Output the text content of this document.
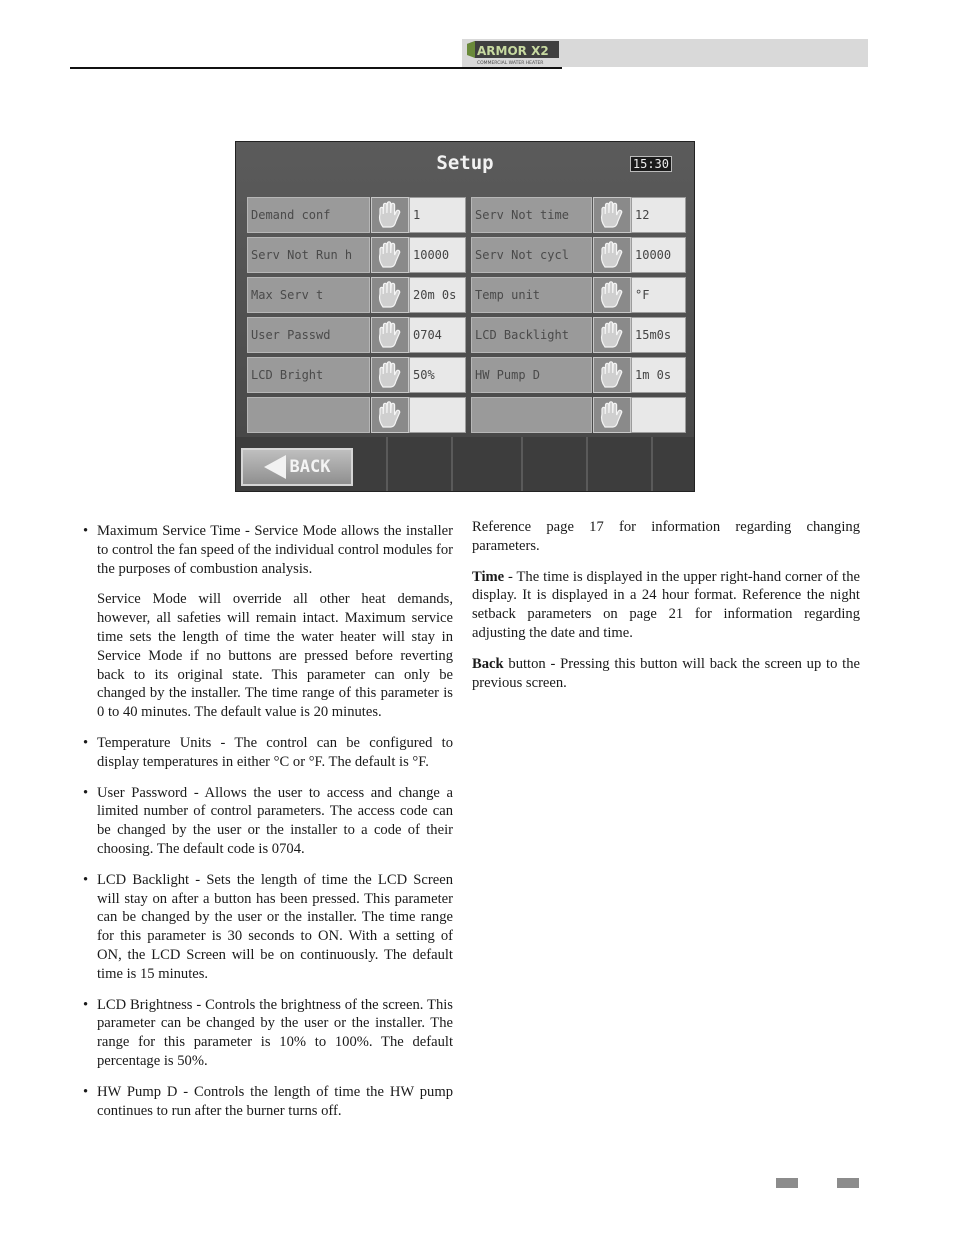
ARMOR X2
COMMERCIAL WATER HEATER
Setup	15:30
Demand conf	1
Serv Not Run h	10000
Max Serv t	20m 0s
User Passwd	0704
LCD Bright	50%
Serv Not time	12
Serv Not cycl	10000
Temp unit	°F
LCD Backlight	15m0s
HW Pump D	1m 0s
BACK
• Maximum Service Time - Service Mode allows the installer to control the fan speed of the individual control modules for the purposes of combustion analysis.

Service Mode will override all other heat demands, however, all safeties will remain intact. Maximum service time sets the length of time the water heater will stay in Service Mode if no buttons are pressed before reverting back to its original state. This parameter can only be changed by the installer. The time range of this parameter is 0 to 40 minutes. The default value is 20 minutes.

• Temperature Units - The control can be configured to display temperatures in either °C or °F. The default is °F.
• User Password - Allows the user to access and change a limited number of control parameters. The access code can be changed by the user or the installer to a code of their choosing. The default code is 0704.
• LCD Backlight - Sets the length of time the LCD Screen will stay on after a button has been pressed. This parameter can be changed by the user or the installer. The time range for this parameter is 30 seconds to ON. With a setting of ON, the LCD Screen will be on continuously. The default time is 15 minutes.
• LCD Brightness - Controls the brightness of the screen. This parameter can be changed by the user or the installer. The range for this parameter is 10% to 100%. The default percentage is 50%.
• HW Pump D - Controls the length of time the HW pump continues to run after the burner turns off.

Reference page 17 for information regarding changing parameters.

Time - The time is displayed in the upper right-hand corner of the display. It is displayed in a 24 hour format. Reference the night setback parameters on page 21 for information regarding adjusting the date and time.

Back button - Pressing this button will back the screen up to the previous screen.
